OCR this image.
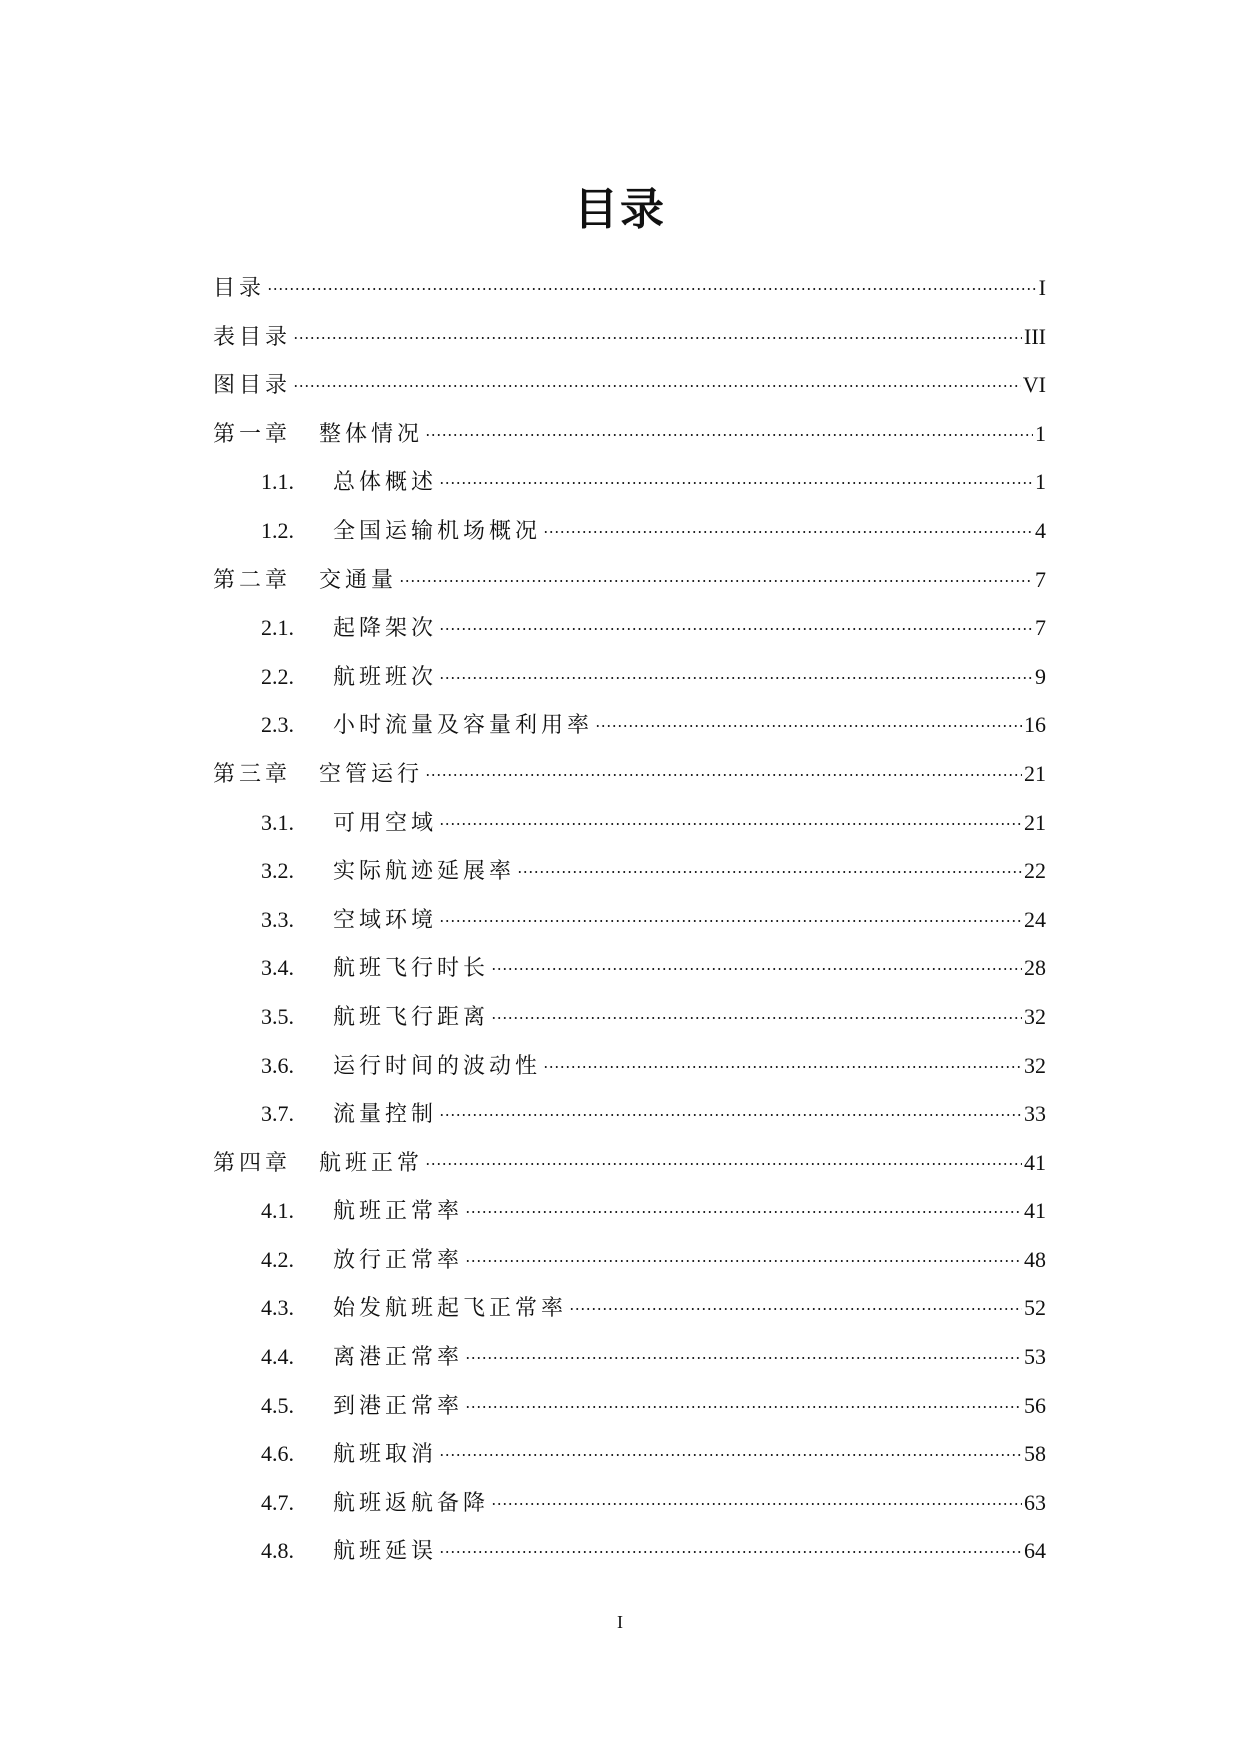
目录
目录	I
表目录	III
图目录	VI
第一章	整体情况	1
1.1.	总体概述	1
1.2.	全国运输机场概况	4
第二章	交通量	7
2.1.	起降架次	7
2.2.	航班班次	9
2.3.	小时流量及容量利用率	16
第三章	空管运行	21
3.1.	可用空域	21
3.2.	实际航迹延展率	22
3.3.	空域环境	24
3.4.	航班飞行时长	28
3.5.	航班飞行距离	32
3.6.	运行时间的波动性	32
3.7.	流量控制	33
第四章	航班正常	41
4.1.	航班正常率	41
4.2.	放行正常率	48
4.3.	始发航班起飞正常率	52
4.4.	离港正常率	53
4.5.	到港正常率	56
4.6.	航班取消	58
4.7.	航班返航备降	63
4.8.	航班延误	64
I
